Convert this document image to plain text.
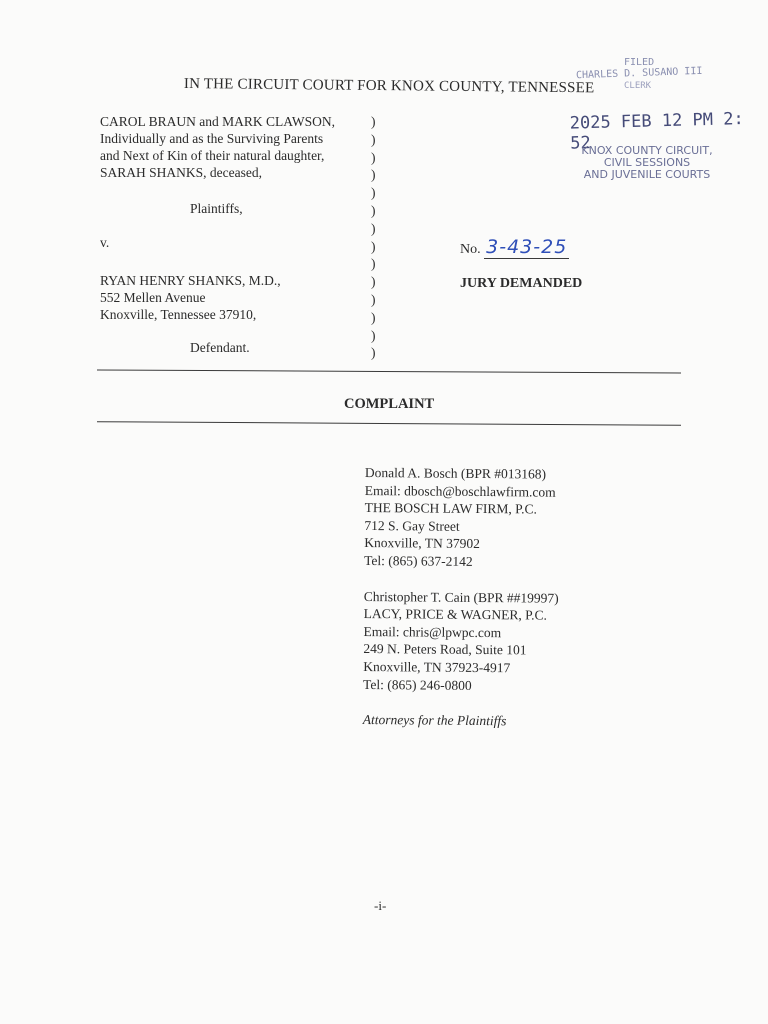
IN THE CIRCUIT COURT FOR KNOX COUNTY, TENNESSEE
FILED
CHARLES D. SUSANO III
CLERK
2025 FEB 12 PM 2: 52
KNOX COUNTY CIRCUIT,
CIVIL SESSIONS
AND JUVENILE COURTS
CAROL BRAUN and MARK CLAWSON,
Individually and as the Surviving Parents
and Next of Kin of their natural daughter,
SARAH SHANKS, deceased,
Plaintiffs,
v.
RYAN HENRY SHANKS, M.D.,
552 Mellen Avenue
Knoxville, Tennessee 37910,
Defendant.
)
)
)
)
)
)
)
)
)
)
)
)
)
)
No. 3-43-25
JURY DEMANDED
COMPLAINT
Donald A. Bosch (BPR #013168)
Email: dbosch@boschlawfirm.com
THE BOSCH LAW FIRM, P.C.
712 S. Gay Street
Knoxville, TN 37902
Tel: (865) 637-2142
Christopher T. Cain (BPR ##19997)
LACY, PRICE & WAGNER, P.C.
Email: chris@lpwpc.com
249 N. Peters Road, Suite 101
Knoxville, TN 37923-4917
Tel: (865) 246-0800
Attorneys for the Plaintiffs
-i-
